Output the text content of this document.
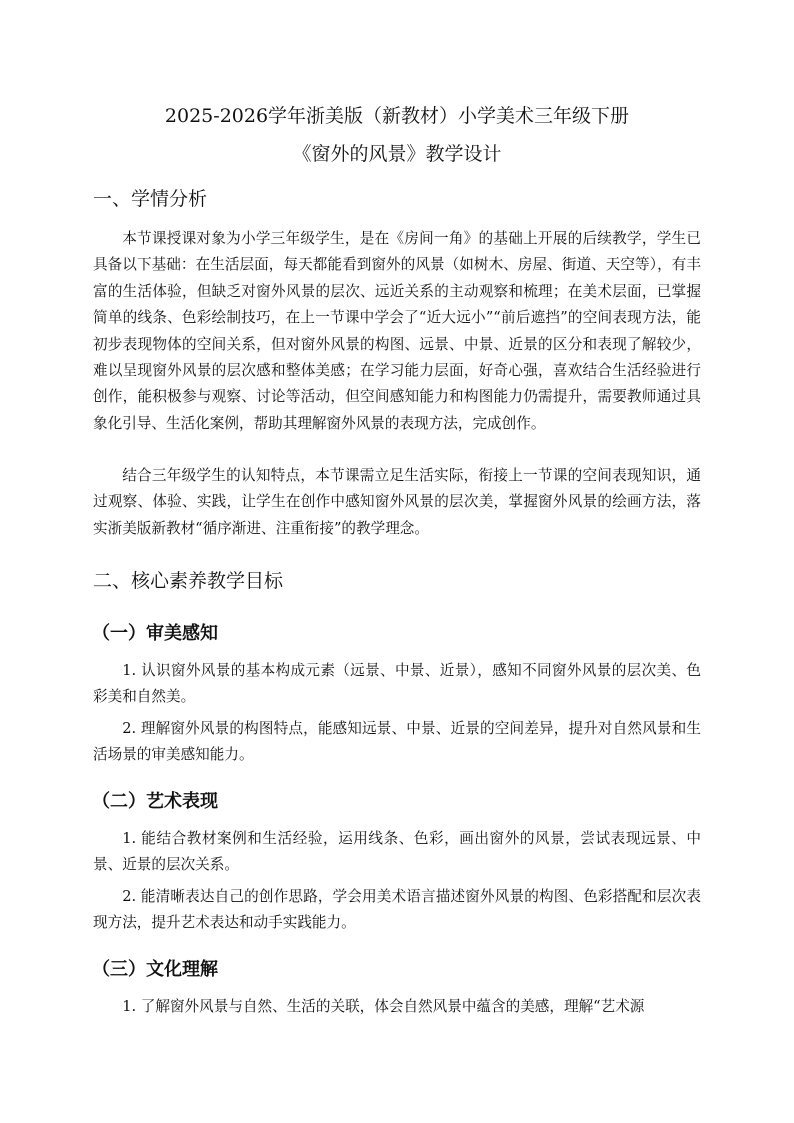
2025-2026学年浙美版（新教材）小学美术三年级下册
《窗外的风景》教学设计
一、学情分析

本节课授课对象为小学三年级学生，是在《房间一角》的基础上开展的后续教学，学生已具备以下基础：在生活层面，每天都能看到窗外的风景（如树木、房屋、街道、天空等），有丰富的生活体验，但缺乏对窗外风景的层次、远近关系的主动观察和梳理；在美术层面，已掌握简单的线条、色彩绘制技巧，在上一节课中学会了“近大远小”“前后遮挡”的空间表现方法，能初步表现物体的空间关系，但对窗外风景的构图、远景、中景、近景的区分和表现了解较少，难以呈现窗外风景的层次感和整体美感；在学习能力层面，好奇心强，喜欢结合生活经验进行创作，能积极参与观察、讨论等活动，但空间感知能力和构图能力仍需提升，需要教师通过具象化引导、生活化案例，帮助其理解窗外风景的表现方法，完成创作。

结合三年级学生的认知特点，本节课需立足生活实际，衔接上一节课的空间表现知识，通过观察、体验、实践，让学生在创作中感知窗外风景的层次美，掌握窗外风景的绘画方法，落实浙美版新教材“循序渐进、注重衔接”的教学理念。

二、核心素养教学目标
（一）审美感知

1. 认识窗外风景的基本构成元素（远景、中景、近景），感知不同窗外风景的层次美、色彩美和自然美。

2. 理解窗外风景的构图特点，能感知远景、中景、近景的空间差异，提升对自然风景和生活场景的审美感知能力。

（二）艺术表现

1. 能结合教材案例和生活经验，运用线条、色彩，画出窗外的风景，尝试表现远景、中景、近景的层次关系。

2. 能清晰表达自己的创作思路，学会用美术语言描述窗外风景的构图、色彩搭配和层次表现方法，提升艺术表达和动手实践能力。

（三）文化理解

1. 了解窗外风景与自然、生活的关联，体会自然风景中蕴含的美感，理解“艺术源
